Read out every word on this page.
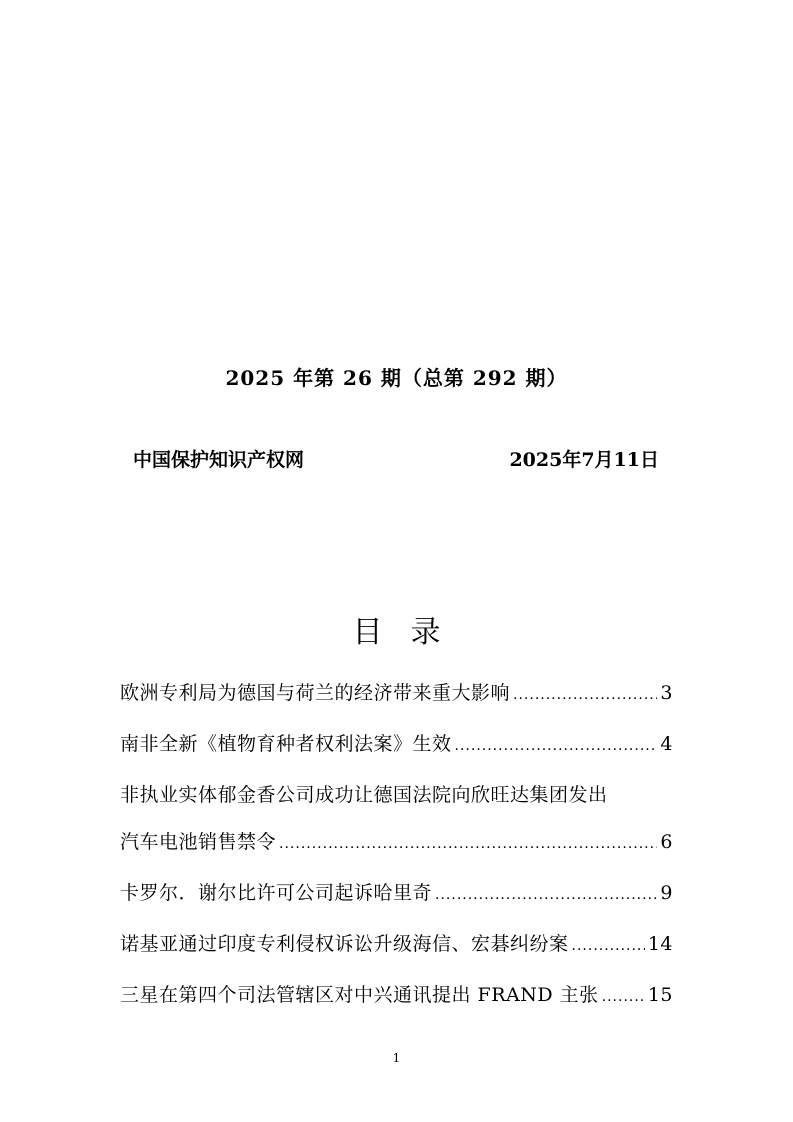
2025 年第 26 期（总第 292 期）
中国保护知识产权网	2025年7月11日
目录
欧洲专利局为德国与荷兰的经济带来重大影响 .....	3
南非全新《植物育种者权利法案》生效 .....	4
非执业实体郁金香公司成功让德国法院向欣旺达集团发出
汽车电池销售禁令 .....	6
卡罗尔．谢尔比许可公司起诉哈里奇 .....	9
诺基亚通过印度专利侵权诉讼升级海信、宏碁纠纷案 .....	14
三星在第四个司法管辖区对中兴通讯提出 FRAND 主张 .....	15
1
